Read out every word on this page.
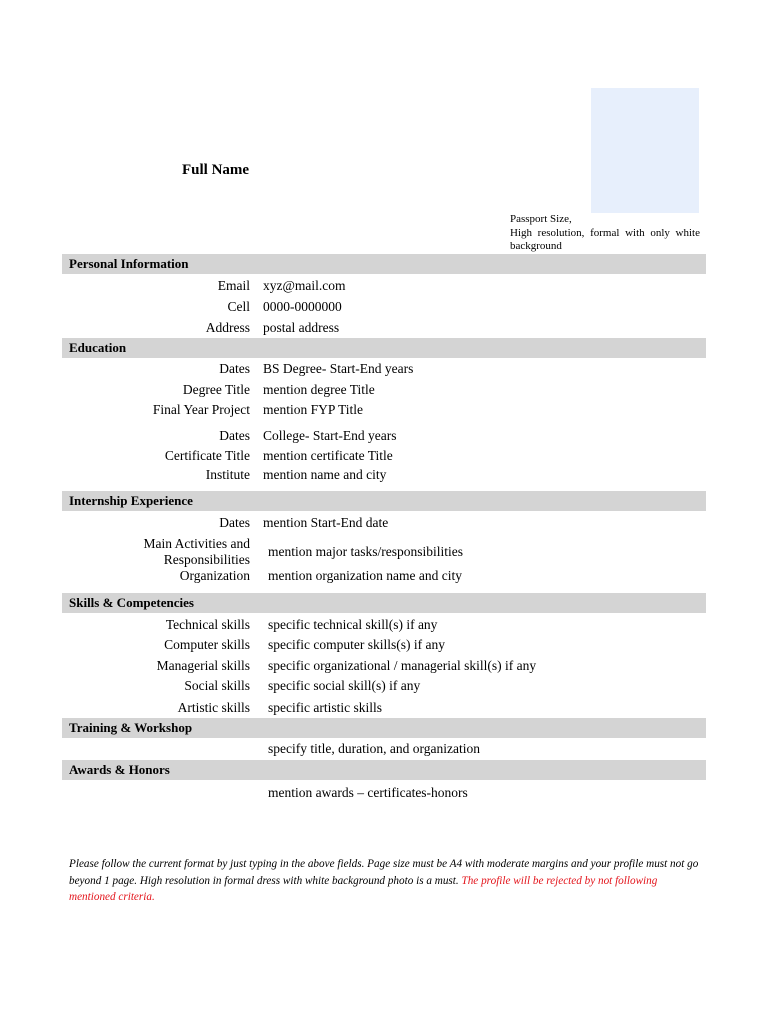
Full Name
Passport Size,
High resolution, formal with only white background
Personal Information
Email xyz@mail.com
Cell 0000-0000000
Address postal address
Education
Dates BS Degree- Start-End years
Degree Title mention degree Title
Final Year Project mention FYP Title
Dates College- Start-End years
Certificate Title mention certificate Title
Institute mention name and city
Internship Experience
Dates mention Start-End date
Main Activities and
Responsibilities
mention major tasks/responsibilities
Organization mention organization name and city
Skills & Competencies
Technical skills specific technical skill(s) if any
Computer skills specific computer skills(s) if any
Managerial skills specific organizational / managerial skill(s) if any
Social skills specific social skill(s) if any
Artistic skills specific artistic skills
Training & Workshop
specify title, duration, and organization
Awards & Honors
mention awards – certificates-honors
Please follow the current format by just typing in the above fields. Page size must be A4 with moderate margins and your profile must not go beyond 1 page. High resolution in formal dress with white background photo is a must. The profile will be rejected by not following mentioned criteria.
